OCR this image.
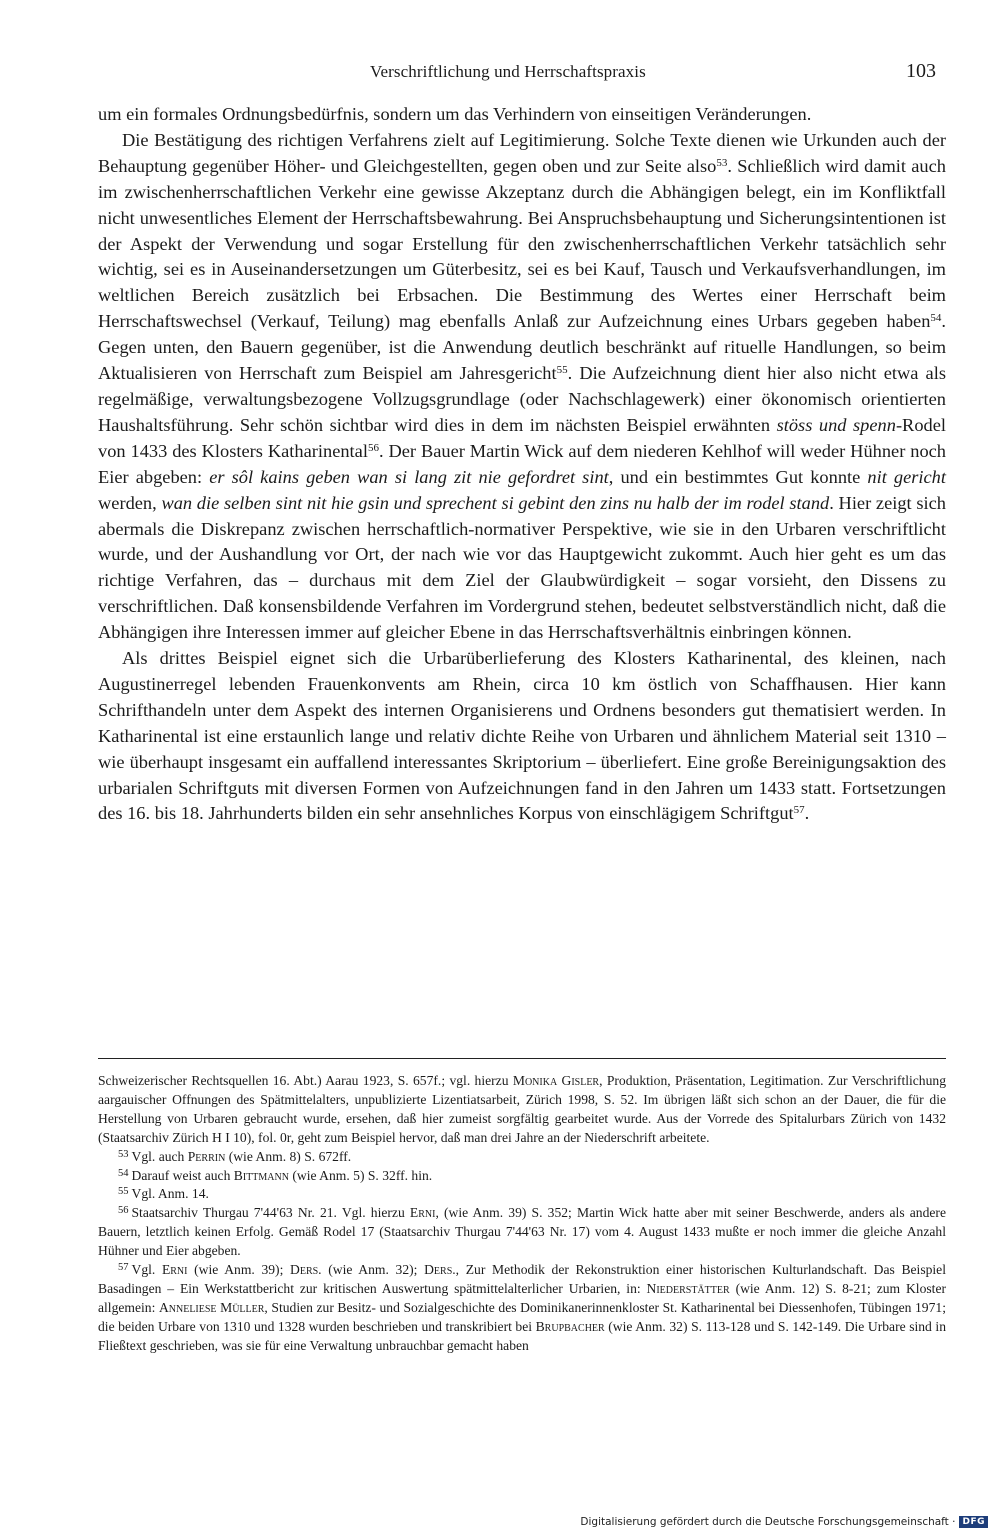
Verschriftlichung und Herrschaftspraxis	103

um ein formales Ordnungsbedürfnis, sondern um das Verhindern von einseitigen Veränderungen.

Die Bestätigung des richtigen Verfahrens zielt auf Legitimierung. Solche Texte dienen wie Urkunden auch der Behauptung gegenüber Höher- und Gleichgestellten, gegen oben und zur Seite also$^{53}$. Schließlich wird damit auch im zwischenherrschaftlichen Verkehr eine gewisse Akzeptanz durch die Abhängigen belegt, ein im Konfliktfall nicht unwesentliches Element der Herrschaftsbewahrung. Bei Anspruchsbehauptung und Sicherungsintentionen ist der Aspekt der Verwendung und sogar Erstellung für den zwischenherrschaftlichen Verkehr tatsächlich sehr wichtig, sei es in Auseinandersetzungen um Güterbesitz, sei es bei Kauf, Tausch und Verkaufsverhandlungen, im weltlichen Bereich zusätzlich bei Erbsachen. Die Bestimmung des Wertes einer Herrschaft beim Herrschaftswechsel (Verkauf, Teilung) mag ebenfalls Anlaß zur Aufzeichnung eines Urbars gegeben haben$^{54}$. Gegen unten, den Bauern gegenüber, ist die Anwendung deutlich beschränkt auf rituelle Handlungen, so beim Aktualisieren von Herrschaft zum Beispiel am Jahresgericht$^{55}$. Die Aufzeichnung dient hier also nicht etwa als regelmäßige, verwaltungsbezogene Vollzugsgrundlage (oder Nachschlagewerk) einer ökonomisch orientierten Haushaltsführung. Sehr schön sichtbar wird dies in dem im nächsten Beispiel erwähnten stöss und spenn-Rodel von 1433 des Klosters Katharinental$^{56}$. Der Bauer Martin Wick auf dem niederen Kehlhof will weder Hühner noch Eier abgeben: er sôl kains geben wan si lang zit nie gefordret sint, und ein bestimmtes Gut konnte nit gericht werden, wan die selben sint nit hie gsin und sprechent si gebint den zins nu halb der im rodel stand. Hier zeigt sich abermals die Diskrepanz zwischen herrschaftlich-normativer Perspektive, wie sie in den Urbaren verschriftlicht wurde, und der Aushandlung vor Ort, der nach wie vor das Hauptgewicht zukommt. Auch hier geht es um das richtige Verfahren, das – durchaus mit dem Ziel der Glaubwürdigkeit – sogar vorsieht, den Dissens zu verschriftlichen. Daß konsensbildende Verfahren im Vordergrund stehen, bedeutet selbstverständlich nicht, daß die Abhängigen ihre Interessen immer auf gleicher Ebene in das Herrschaftsverhältnis einbringen können.

Als drittes Beispiel eignet sich die Urbarüberlieferung des Klosters Katharinental, des kleinen, nach Augustinerregel lebenden Frauenkonvents am Rhein, circa 10 km östlich von Schaffhausen. Hier kann Schrifthandeln unter dem Aspekt des internen Organisierens und Ordnens besonders gut thematisiert werden. In Katharinental ist eine erstaunlich lange und relativ dichte Reihe von Urbaren und ähnlichem Material seit 1310 – wie überhaupt insgesamt ein auffallend interessantes Skriptorium – überliefert. Eine große Bereinigungsaktion des urbarialen Schriftguts mit diversen Formen von Aufzeichnungen fand in den Jahren um 1433 statt. Fortsetzungen des 16. bis 18. Jahrhunderts bilden ein sehr ansehnliches Korpus von einschlägigem Schriftgut$^{57}$.

Schweizerischer Rechtsquellen 16. Abt.) Aarau 1923, S. 657f.; vgl. hierzu Monika Gisler, Produktion, Präsentation, Legitimation. Zur Verschriftlichung aargauischer Offnungen des Spätmittelalters, unpublizierte Lizentiatsarbeit, Zürich 1998, S. 52. Im übrigen läßt sich schon an der Dauer, die für die Herstellung von Urbaren gebraucht wurde, ersehen, daß hier zumeist sorgfältig gearbeitet wurde. Aus der Vorrede des Spitalurbars Zürich von 1432 (Staatsarchiv Zürich H I 10), fol. 0r, geht zum Beispiel hervor, daß man drei Jahre an der Niederschrift arbeitete.

$^{53}$ Vgl. auch Perrin (wie Anm. 8) S. 672ff.

$^{54}$ Darauf weist auch Bittmann (wie Anm. 5) S. 32ff. hin.

$^{55}$ Vgl. Anm. 14.

$^{56}$ Staatsarchiv Thurgau 7'44'63 Nr. 21. Vgl. hierzu Erni, (wie Anm. 39) S. 352; Martin Wick hatte aber mit seiner Beschwerde, anders als andere Bauern, letztlich keinen Erfolg. Gemäß Rodel 17 (Staatsarchiv Thurgau 7'44'63 Nr. 17) vom 4. August 1433 mußte er noch immer die gleiche Anzahl Hühner und Eier abgeben.

$^{57}$ Vgl. Erni (wie Anm. 39); Ders. (wie Anm. 32); Ders., Zur Methodik der Rekonstruktion einer historischen Kulturlandschaft. Das Beispiel Basadingen – Ein Werkstattbericht zur kritischen Auswertung spätmittelalterlicher Urbarien, in: Niederstätter (wie Anm. 12) S. 8-21; zum Kloster allgemein: Anneliese Müller, Studien zur Besitz- und Sozialgeschichte des Dominikanerinnenkloster St. Katharinental bei Diessenhofen, Tübingen 1971; die beiden Urbare von 1310 und 1328 wurden beschrieben und transkribiert bei Brupbacher (wie Anm. 32) S. 113-128 und S. 142-149. Die Urbare sind in Fließtext geschrieben, was sie für eine Verwaltung unbrauchbar gemacht haben

Digitalisierung gefördert durch die Deutsche Forschungsgemeinschaft · DFG
